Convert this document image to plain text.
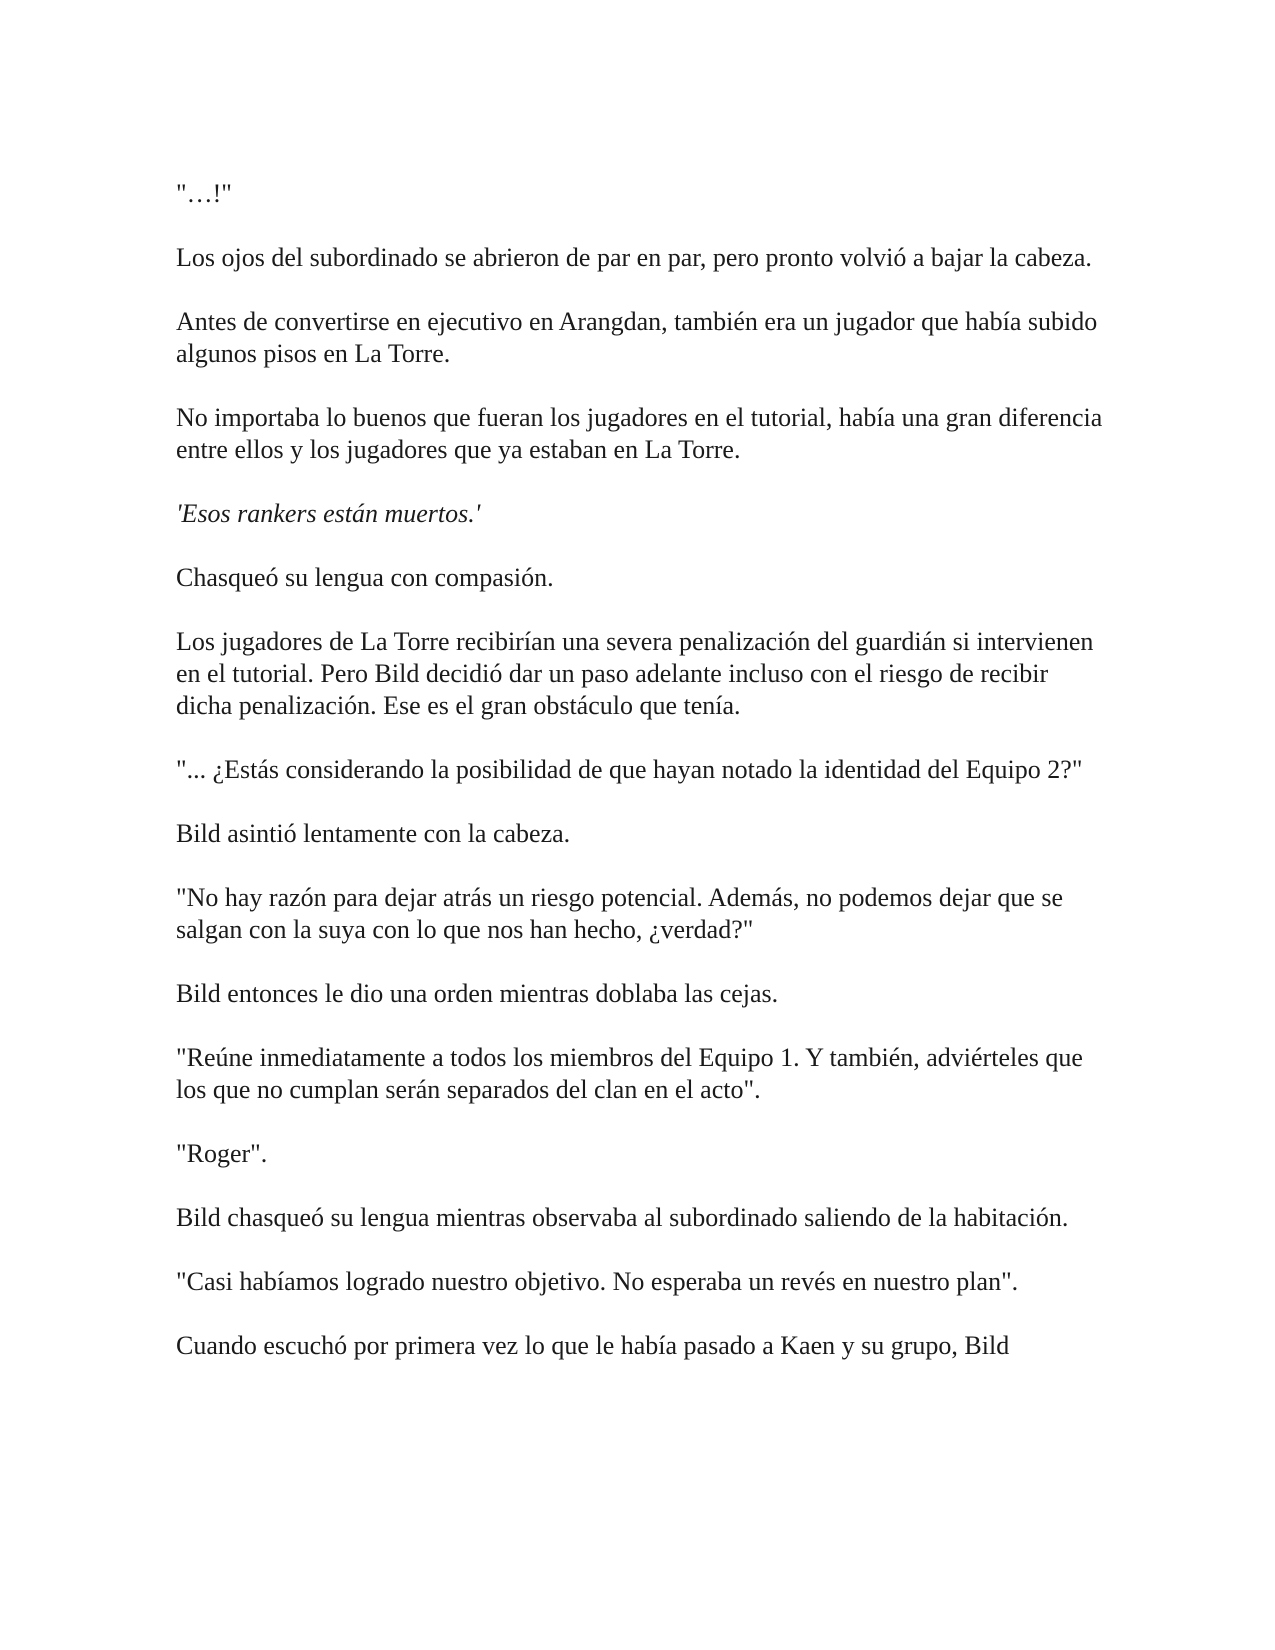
"…!"

Los ojos del subordinado se abrieron de par en par, pero pronto volvió a bajar la cabeza.

Antes de convertirse en ejecutivo en Arangdan, también era un jugador que había subido algunos pisos en La Torre.

No importaba lo buenos que fueran los jugadores en el tutorial, había una gran diferencia entre ellos y los jugadores que ya estaban en La Torre.

'Esos rankers están muertos.'

Chasqueó su lengua con compasión.

Los jugadores de La Torre recibirían una severa penalización del guardián si intervienen en el tutorial. Pero Bild decidió dar un paso adelante incluso con el riesgo de recibir dicha penalización. Ese es el gran obstáculo que tenía.

"... ¿Estás considerando la posibilidad de que hayan notado la identidad del Equipo 2?"

Bild asintió lentamente con la cabeza.

"No hay razón para dejar atrás un riesgo potencial. Además, no podemos dejar que se salgan con la suya con lo que nos han hecho, ¿verdad?"

Bild entonces le dio una orden mientras doblaba las cejas.

"Reúne inmediatamente a todos los miembros del Equipo 1. Y también, adviérteles que los que no cumplan serán separados del clan en el acto".

"Roger".

Bild chasqueó su lengua mientras observaba al subordinado saliendo de la habitación.

"Casi habíamos logrado nuestro objetivo. No esperaba un revés en nuestro plan".

Cuando escuchó por primera vez lo que le había pasado a Kaen y su grupo, Bild
